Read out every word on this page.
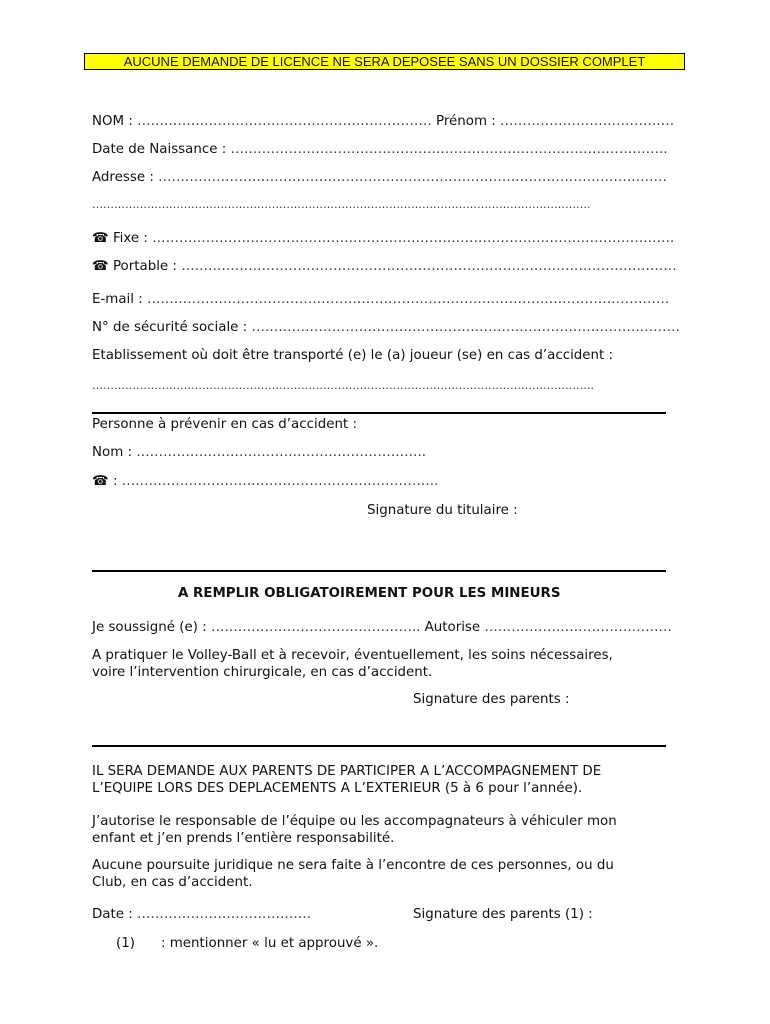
AUCUNE DEMANDE DE LICENCE NE SERA DEPOSEE SANS UN DOSSIER COMPLET
NOM : ………………………………………………………… Prénom : …………………………………
Date de Naissance : ……………………………………………………………………………………..
Adresse : ……………………………………………………………………………………………………
……………………………………………………………………………………………………………………….
☎ Fixe : ………………………………………………………………………………………………………
☎ Portable : …………………………………………………………………………………………………
E-mail : ………………………………………………………………………………………………………
N° de sécurité sociale : ……………………………………………………………………………………
Etablissement où doit être transporté (e) le (a) joueur (se) en cas d’accident :
………………………………………………………………………………………………………………………..
Personne à prévenir en cas d’accident :
Nom : ………………………………………………………..
☎ : ……………………………………………………………..
Signature du titulaire :
A REMPLIR OBLIGATOIREMENT POUR LES MINEURS
Je soussigné (e) : ……………………………………….. Autorise ……………………………………
A pratiquer le Volley-Ball et à recevoir, éventuellement, les soins nécessaires,
voire l’intervention chirurgicale, en cas d’accident.
Signature des parents :
IL SERA DEMANDE AUX PARENTS DE PARTICIPER A L’ACCOMPAGNEMENT DE
L’EQUIPE LORS DES DEPLACEMENTS A L’EXTERIEUR (5 à 6 pour l’année).
J’autorise le responsable de l’équipe ou les accompagnateurs à véhiculer mon
enfant et j’en prends l’entière responsabilité.
Aucune poursuite juridique ne sera faite à l’encontre de ces personnes, ou du
Club, en cas d’accident.
Date : …………………………………	Signature des parents (1) :
(1) : mentionner « lu et approuvé ».
